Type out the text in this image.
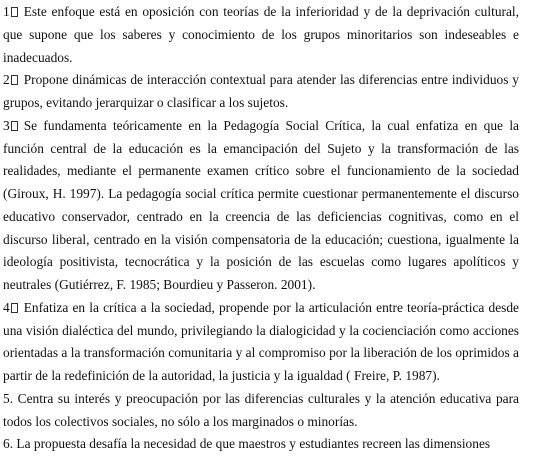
1 Este enfoque está en oposición con teorías de la inferioridad y de la deprivación cultural, que supone que los saberes y conocimiento de los grupos minoritarios son indeseables e inadecuados.

2 Propone dinámicas de interacción contextual para atender las diferencias entre individuos y grupos, evitando jerarquizar o clasificar a los sujetos.

3 Se fundamenta teóricamente en la Pedagogía Social Crítica, la cual enfatiza en que la función central de la educación es la emancipación del Sujeto y la transformación de las realidades, mediante el permanente examen crítico sobre el funcionamiento de la sociedad (Giroux, H. 1997). La pedagogía social crítica permite cuestionar permanentemente el discurso educativo conservador, centrado en la creencia de las deficiencias cognitivas, como en el discurso liberal, centrado en la visión compensatoria de la educación; cuestiona, igualmente la ideología positivista, tecnocrática y la posición de las escuelas como lugares apolíticos y neutrales (Gutiérrez, F. 1985; Bourdieu y Passeron. 2001).

4 Enfatiza en la crítica a la sociedad, propende por la articulación entre teoría-práctica desde una visión dialéctica del mundo, privilegiando la dialogicidad y la cocienciación como acciones orientadas a la transformación comunitaria y al compromiso por la liberación de los oprimidos a partir de la redefinición de la autoridad, la justicia y la igualdad ( Freire, P. 1987).

5. Centra su interés y preocupación por las diferencias culturales y la atención educativa para todos los colectivos sociales, no sólo a los marginados o minorías.

6. La propuesta desafía la necesidad de que maestros y estudiantes recreen las dimensiones
